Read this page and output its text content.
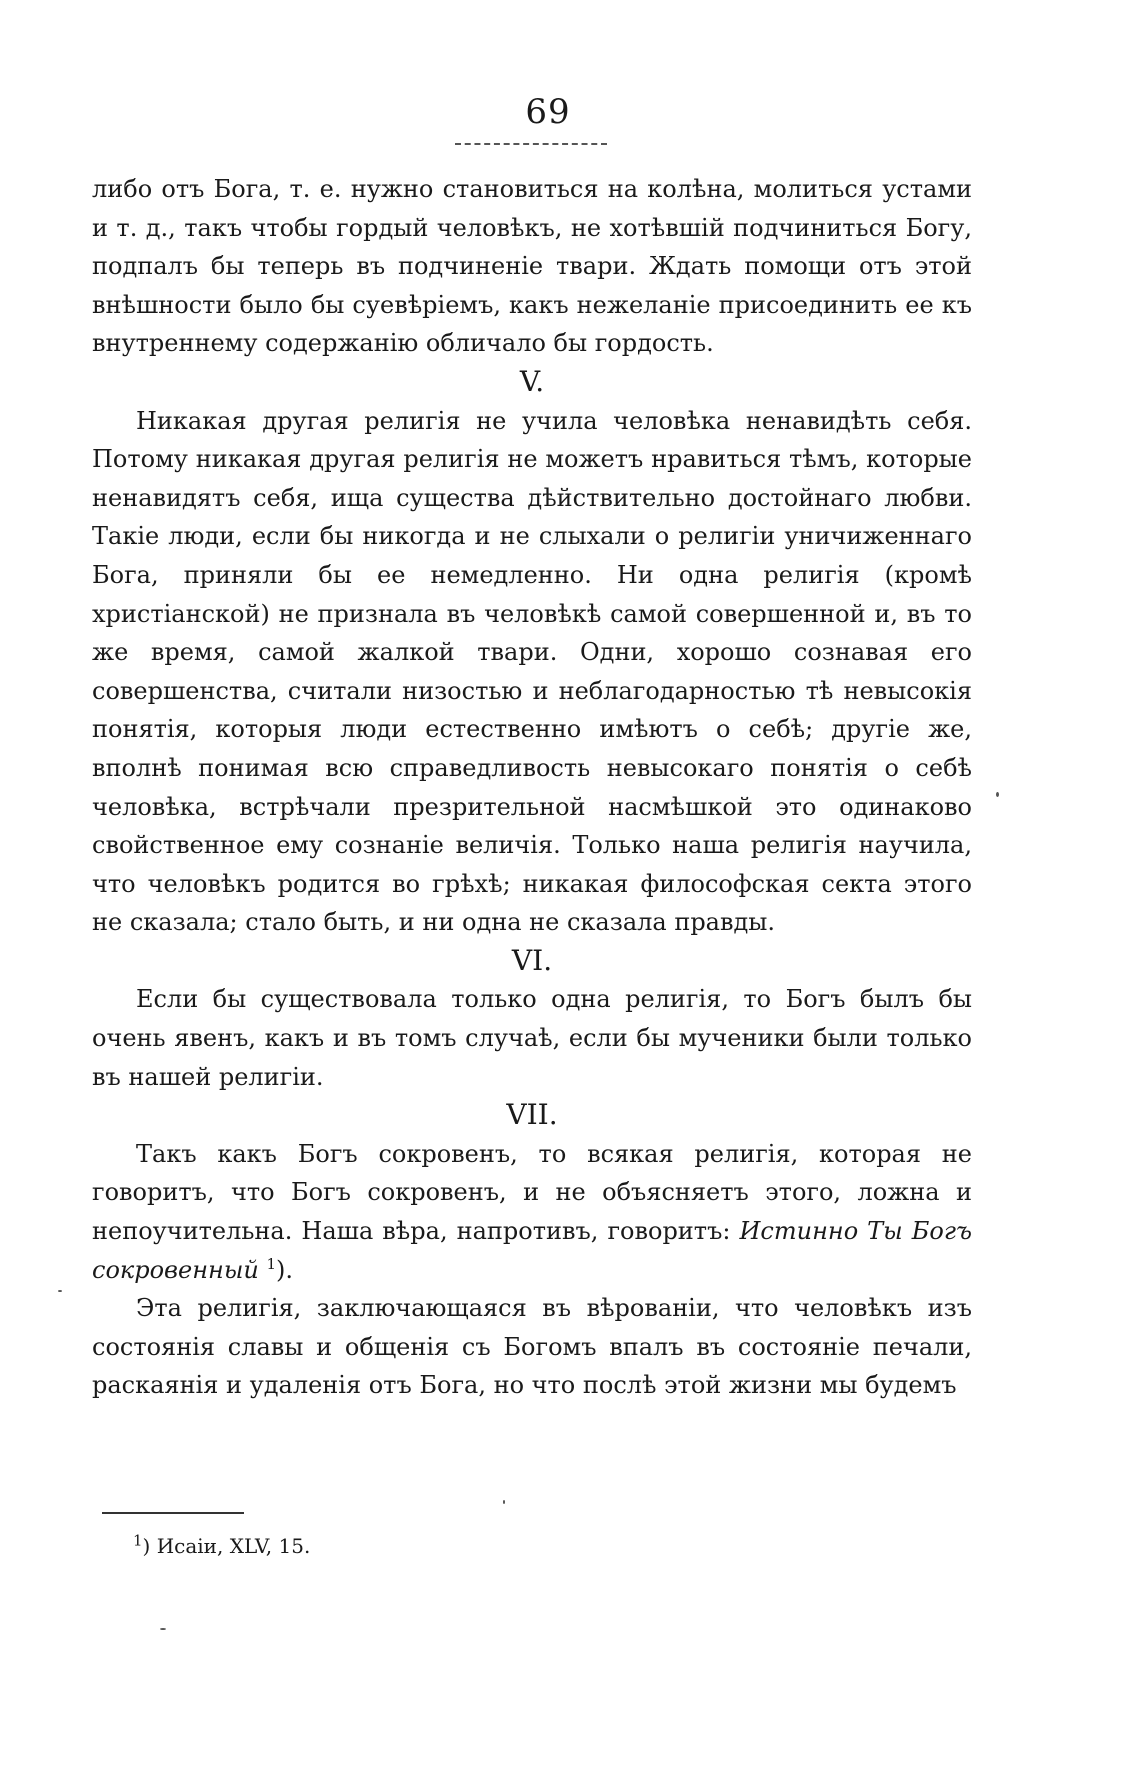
69

либо отъ Бога, т. е. нужно становиться на колѣна, молиться устами и т. д., такъ чтобы гордый человѣкъ, не хотѣвшій подчиниться Богу, подпалъ бы теперь въ подчиненіе твари. Ждать помощи отъ этой внѣшности было бы суевѣріемъ, какъ нежеланіе присоединить ее къ внутреннему содержанію обличало бы гордость.

V.

Никакая другая религія не учила человѣка ненавидѣть себя. Потому никакая другая религія не можетъ нравиться тѣмъ, которые ненавидятъ себя, ища существа дѣйствительно достойнаго любви. Такіе люди, если бы никогда и не слыхали о религіи уничиженнаго Бога, приняли бы ее немедленно. Ни одна религія (кромѣ христіанской) не признала въ человѣкѣ самой совершенной и, въ то же время, самой жалкой твари. Одни, хорошо сознавая его совершенства, считали низостью и неблагодарностью тѣ невысокія понятія, которыя люди естественно имѣютъ о себѣ; другіе же, вполнѣ понимая всю справедливость невысокаго понятія о себѣ человѣка, встрѣчали презрительной насмѣшкой это одинаково свойственное ему сознаніе величія. Только наша религія научила, что человѣкъ родится во грѣхѣ; никакая философская секта этого не сказала; стало быть, и ни одна не сказала правды.

VI.

Если бы существовала только одна религія, то Богъ былъ бы очень явенъ, какъ и въ томъ случаѣ, если бы мученики были только въ нашей религіи.

VII.

Такъ какъ Богъ сокровенъ, то всякая религія, которая не говоритъ, что Богъ сокровенъ, и не объясняетъ этого, ложна и непоучительна. Наша вѣра, напротивъ, говоритъ: Истинно Ты Богъ сокровенный $^1$).

Эта религія, заключающаяся въ вѣрованіи, что человѣкъ изъ состоянія славы и общенія съ Богомъ впалъ въ состояніе печали, раскаянія и удаленія отъ Бога, но что послѣ этой жизни мы будемъ

$^1$) Исаіи, XLV, 15.
